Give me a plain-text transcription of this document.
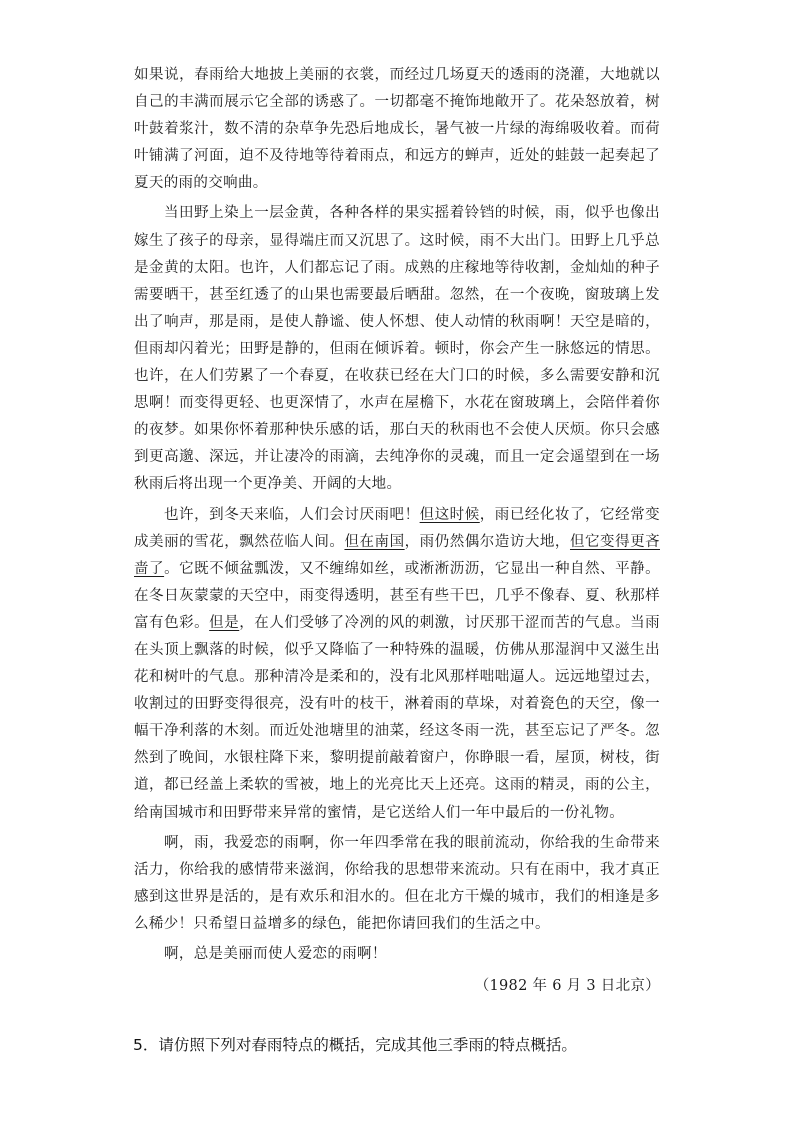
如果说，春雨给大地披上美丽的衣裳，而经过几场夏天的透雨的浇灌，大地就以自己的丰满而展示它全部的诱惑了。一切都毫不掩饰地敞开了。花朵怒放着，树叶鼓着浆汁，数不清的杂草争先恐后地成长，暑气被一片绿的海绵吸收着。而荷叶铺满了河面，迫不及待地等待着雨点，和远方的蝉声，近处的蛙鼓一起奏起了夏天的雨的交响曲。

当田野上染上一层金黄，各种各样的果实摇着铃铛的时候，雨，似乎也像出嫁生了孩子的母亲，显得端庄而又沉思了。这时候，雨不大出门。田野上几乎总是金黄的太阳。也许，人们都忘记了雨。成熟的庄稼地等待收割，金灿灿的种子需要晒干，甚至红透了的山果也需要最后晒甜。忽然，在一个夜晚，窗玻璃上发出了响声，那是雨，是使人静谧、使人怀想、使人动情的秋雨啊！天空是暗的，但雨却闪着光；田野是静的，但雨在倾诉着。顿时，你会产生一脉悠远的情思。也许，在人们劳累了一个春夏，在收获已经在大门口的时候，多么需要安静和沉思啊！而变得更轻、也更深情了，水声在屋檐下，水花在窗玻璃上，会陪伴着你的夜梦。如果你怀着那种快乐感的话，那白天的秋雨也不会使人厌烦。你只会感到更高邈、深远，并让凄冷的雨滴，去纯净你的灵魂，而且一定会遥望到在一场秋雨后将出现一个更净美、开阔的大地。

也许，到冬天来临，人们会讨厌雨吧！但这时候，雨已经化妆了，它经常变成美丽的雪花，飘然莅临人间。但在南国，雨仍然偶尔造访大地，但它变得更吝啬了。它既不倾盆瓢泼，又不缠绵如丝，或淅淅沥沥，它显出一种自然、平静。在冬日灰蒙蒙的天空中，雨变得透明，甚至有些干巴，几乎不像春、夏、秋那样富有色彩。但是，在人们受够了冷冽的风的刺激，讨厌那干涩而苦的气息。当雨在头顶上飘落的时候，似乎又降临了一种特殊的温暖，仿佛从那湿润中又滋生出花和树叶的气息。那种清冷是柔和的，没有北风那样咄咄逼人。远远地望过去，收割过的田野变得很亮，没有叶的枝干，淋着雨的草垛，对着瓷色的天空，像一幅干净利落的木刻。而近处池塘里的油菜，经这冬雨一洗，甚至忘记了严冬。忽然到了晚间，水银柱降下来，黎明提前敲着窗户，你睁眼一看，屋顶，树枝，街道，都已经盖上柔软的雪被，地上的光亮比天上还亮。这雨的精灵，雨的公主，给南国城市和田野带来异常的蜜情，是它送给人们一年中最后的一份礼物。

啊，雨，我爱恋的雨啊，你一年四季常在我的眼前流动，你给我的生命带来活力，你给我的感情带来滋润，你给我的思想带来流动。只有在雨中，我才真正感到这世界是活的，是有欢乐和泪水的。但在北方干燥的城市，我们的相逢是多么稀少！只希望日益增多的绿色，能把你请回我们的生活之中。

啊，总是美丽而使人爱恋的雨啊！

（1982 年 6 月 3 日北京）
5．请仿照下列对春雨特点的概括，完成其他三季雨的特点概括。
